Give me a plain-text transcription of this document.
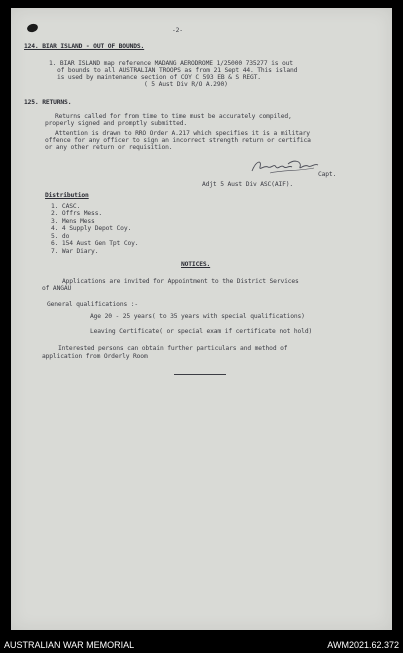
-2-
124. BIAR ISLAND - OUT OF BOUNDS.
1. BIAR ISLAND map reference MADANG AERODROME 1/25000 735277 is out
of bounds to all AUSTRALIAN TROOPS as from 21 Sept 44. This island
is used by maintenance section of COY C 593 EB & S REGT.
( 5 Aust Div R/O A.290)
125. RETURNS.
Returns called for from time to time must be accurately compiled,
properly signed and promptly submitted.
Attention is drawn to RRO Order A.217 which specifies it is a military
offence for any officer to sign an incorrect strength return or certifica
or any other return or requisition.
Capt.
Adjt 5 Aust Div ASC(AIF).
Distribution
1. CASC.
2. Offrs Mess.
3. Mens Mess
4. 4 Supply Depot Coy.
5. do
6. 154 Aust Gen Tpt Coy.
7. War Diary.
NOTICES.
Applications are invited for Appointment to the District Services
of ANGAU
General qualifications :-
Age 20 - 25 years( to 35 years with special qualifications)
Leaving Certificate( or special exam if certificate not hold)
Interested persons can obtain further particulars and method of
application from Orderly Room
AUSTRALIAN WAR MEMORIAL	AWM2021.62.372
